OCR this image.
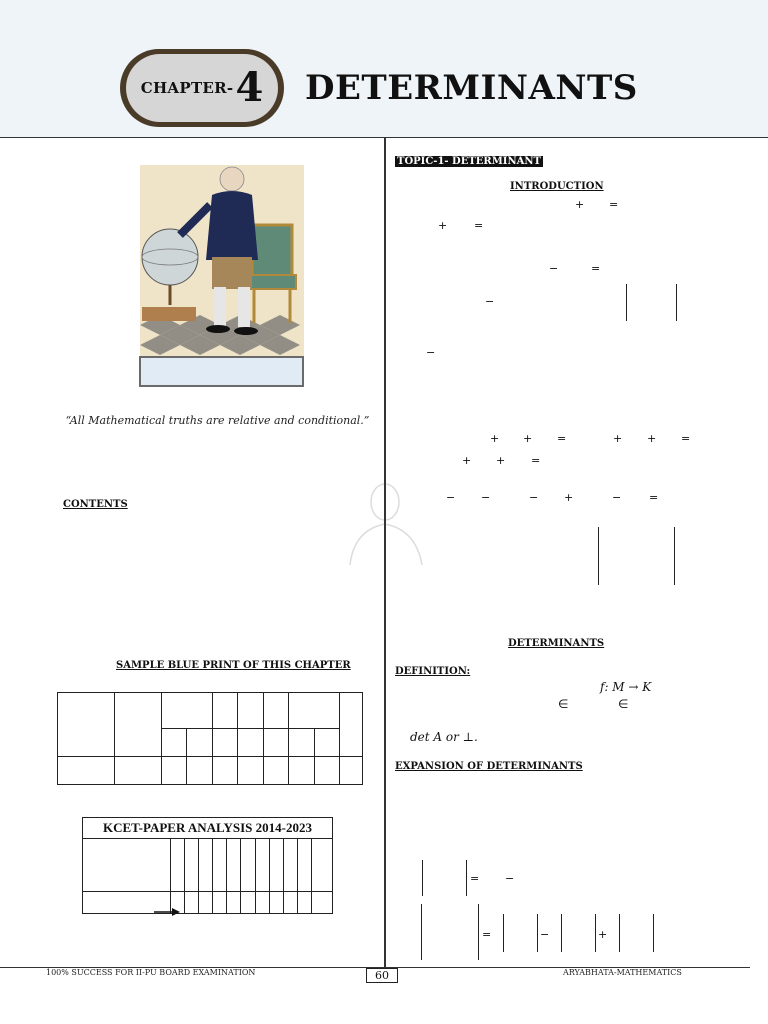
CHAPTER- 4 DETERMINANTS
“All Mathematical truths are relative and conditional.”
CONTENTS
SAMPLE BLUE PRINT OF THIS CHAPTER

KCET-PAPER ANALYSIS 2014-2023

TOPIC-1- DETERMINANT
INTRODUCTION
+ =
+ =
−	=
−
−
+ + =	+ + =
+ + =
− −	− +	−	=
DETERMINANTS
DEFINITION:
f: M → K
∈	∈
det A or ⊥.
EXPANSION OF DETERMINANTS
= −
=	−	+
100% SUCCESS FOR II-PU BOARD EXAMINATION	60	ARYABHATA-MATHEMATICS
